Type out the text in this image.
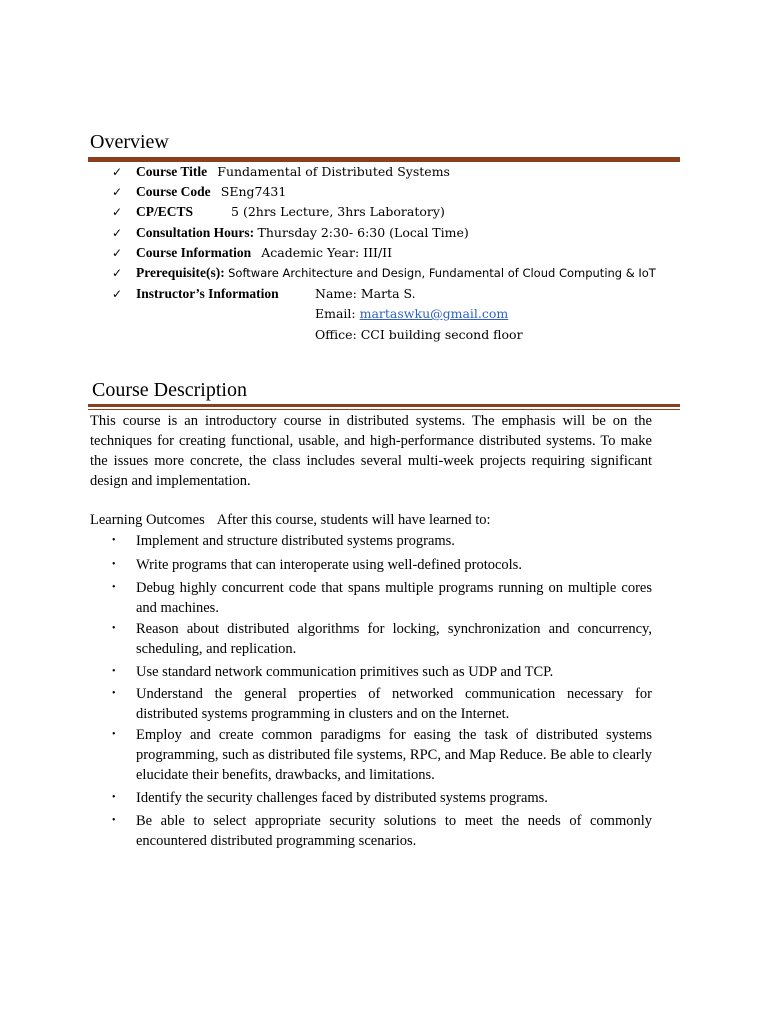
Overview
✓ Course Title Fundamental of Distributed Systems
✓ Course Code SEng7431
✓ CP/ECTS	5 (2hrs Lecture, 3hrs Laboratory)
✓ Consultation Hours: Thursday 2:30- 6:30 (Local Time)
✓ Course Information Academic Year: III/II
✓ Prerequisite(s): Software Architecture and Design, Fundamental of Cloud Computing & IoT
✓ Instructor’s Information	Name: Marta S.
Email: martaswku@gmail.com
Office: CCI building second floor
Course Description

This course is an introductory course in distributed systems. The emphasis will be on the techniques for creating functional, usable, and high-performance distributed systems. To make the issues more concrete, the class includes several multi-week projects requiring significant design and implementation.

Learning Outcomes After this course, students will have learned to:
• Implement and structure distributed systems programs.
• Write programs that can interoperate using well-defined protocols.
• Debug highly concurrent code that spans multiple programs running on multiple cores and machines.
• Reason about distributed algorithms for locking, synchronization and concurrency, scheduling, and replication.
• Use standard network communication primitives such as UDP and TCP.
• Understand the general properties of networked communication necessary for distributed systems programming in clusters and on the Internet.
• Employ and create common paradigms for easing the task of distributed systems programming, such as distributed file systems, RPC, and Map Reduce. Be able to clearly elucidate their benefits, drawbacks, and limitations.
• Identify the security challenges faced by distributed systems programs.
• Be able to select appropriate security solutions to meet the needs of commonly encountered distributed programming scenarios.
